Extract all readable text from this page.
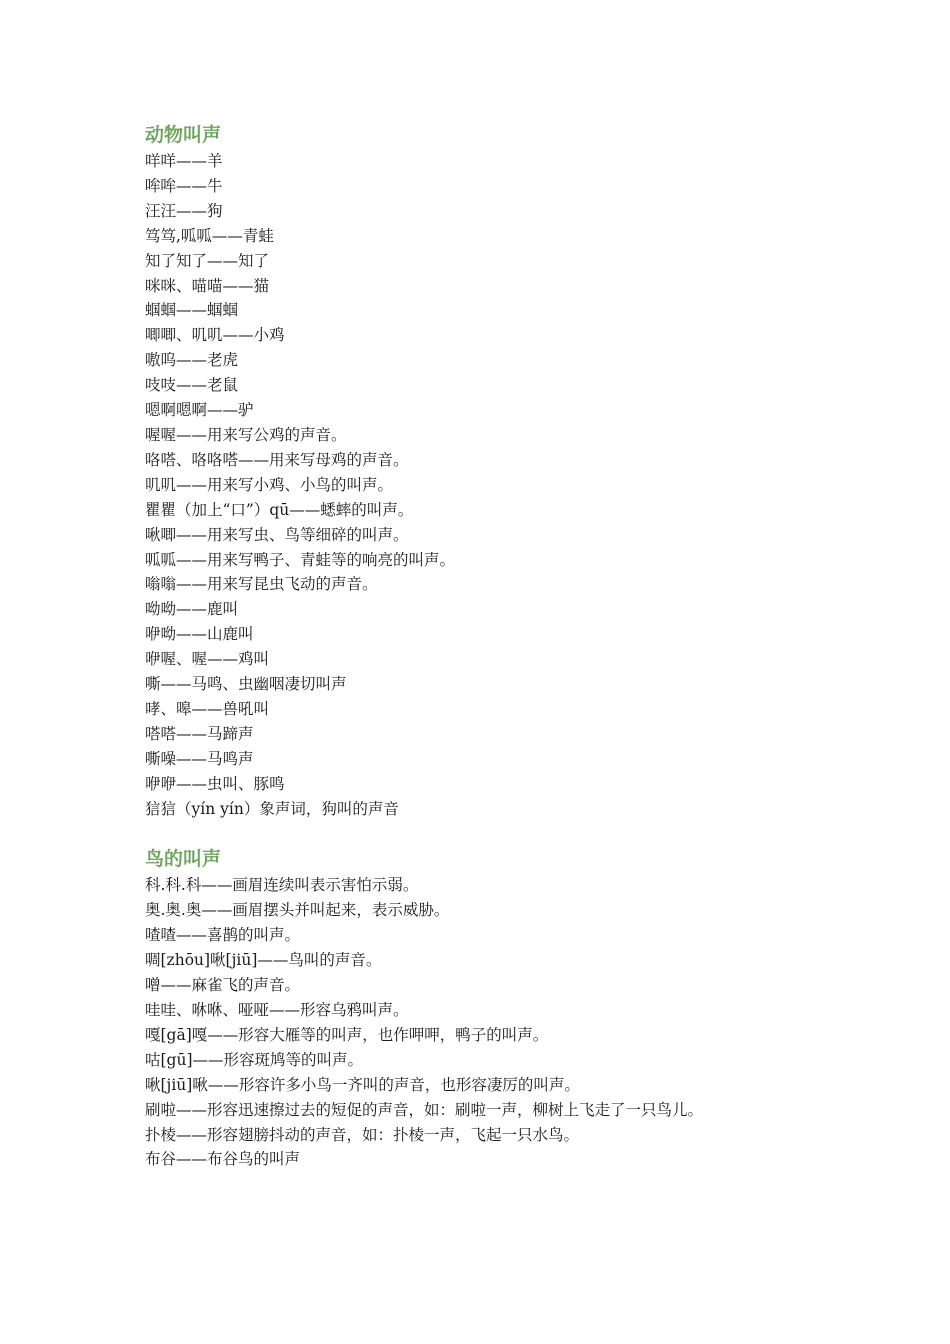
动物叫声

咩咩——羊

哞哞——牛

汪汪——狗

笃笃,呱呱——青蛙

知了知了——知了

咪咪、喵喵——猫

蝈蝈——蝈蝈

唧唧、叽叽——小鸡

嗷呜——老虎

吱吱——老鼠

嗯啊嗯啊——驴

喔喔——用来写公鸡的声音。

咯嗒、咯咯嗒——用来写母鸡的声音。

叽叽——用来写小鸡、小鸟的叫声。

瞿瞿（加上“口”）qū——蟋蟀的叫声。

啾唧——用来写虫、鸟等细碎的叫声。

呱呱——用来写鸭子、青蛙等的响亮的叫声。

嗡嗡——用来写昆虫飞动的声音。

呦呦——鹿叫

咿呦——山鹿叫

咿喔、喔——鸡叫

嘶——马鸣、虫幽咽凄切叫声

哮、嗥——兽吼叫

嗒嗒——马蹄声

嘶噪——马鸣声

咿咿——虫叫、豚鸣

狺狺（yín yín）象声词，狗叫的声音

鸟的叫声

科.科.科——画眉连续叫表示害怕示弱。

奥.奥.奥——画眉摆头并叫起来，表示威胁。

喳喳——喜鹊的叫声。

啁[zhōu]啾[jiū]——鸟叫的声音。

噌——麻雀飞的声音。

哇哇、咻咻、哑哑——形容乌鸦叫声。

嘎[gā]嘎——形容大雁等的叫声，也作呷呷，鸭子的叫声。

咕[gū]——形容斑鸠等的叫声。

啾[jiū]啾——形容许多小鸟一齐叫的声音，也形容凄厉的叫声。

刷啦——形容迅速擦过去的短促的声音，如：刷啦一声，柳树上飞走了一只鸟儿。

扑棱——形容翅膀抖动的声音，如：扑棱一声，飞起一只水鸟。

布谷——布谷鸟的叫声
